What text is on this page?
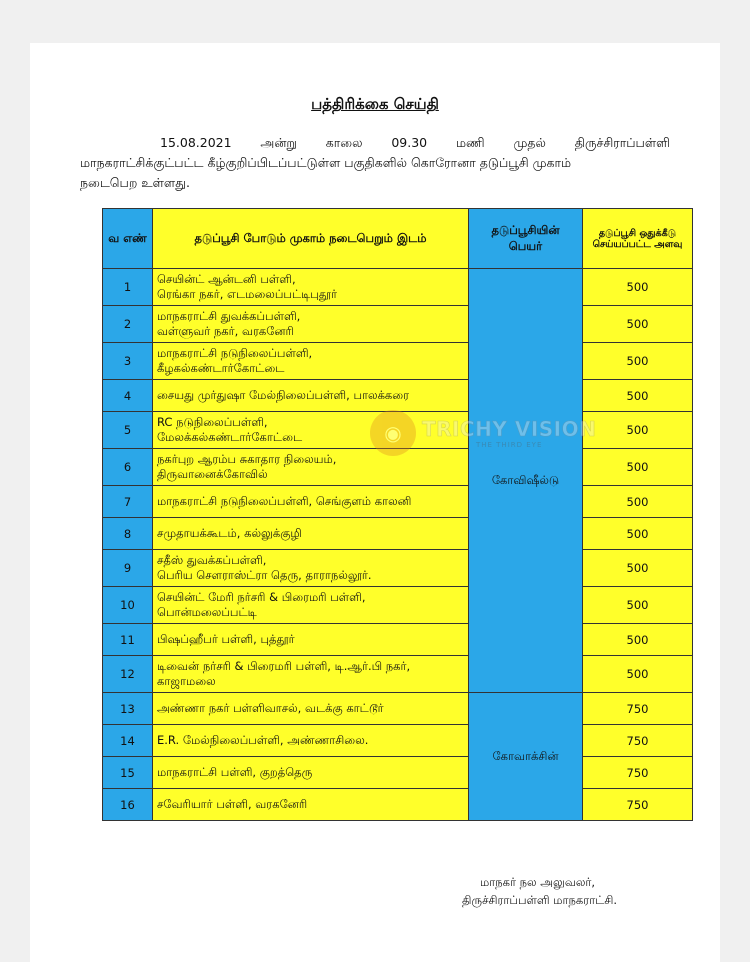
பத்திரிக்கை செய்தி
15.08.2021 அன்று காலை 09.30 மணி முதல் திருச்சிராப்பள்ளி
மாநகராட்சிக்குட்பட்ட கீழ்குறிப்பிடப்பட்டுள்ள பகுதிகளில் கொரோனா தடுப்பூசி முகாம்
நடைபெற உள்ளது.
வ எண்	தடுப்பூசி போடும் முகாம் நடைபெறும் இடம்	தடுப்பூசியின் பெயர்	தடுப்பூசி ஒதுக்கீடு செய்யப்பட்ட அளவு
1	செயின்ட் ஆன்டனி பள்ளி,
ரெங்கா நகர், எடமலைப்பட்டிபுதூர்	கோவிஷீல்டு	500
2	மாநகராட்சி துவக்கப்பள்ளி,
வள்ளுவர் நகர், வரகனேரி		500
3	மாநகராட்சி நடுநிலைப்பள்ளி,
கீழகல்கண்டார்கோட்டை		500
4	சையது முர்துஷா மேல்நிலைப்பள்ளி, பாலக்கரை		500
5	RC நடுநிலைப்பள்ளி,
மேலக்கல்கண்டார்கோட்டை		500
6	நகர்புற ஆரம்ப சுகாதார நிலையம்,
திருவானைக்கோவில்		500
7	மாநகராட்சி நடுநிலைப்பள்ளி, செங்குளம் காலனி		500
8	சமுதாயக்கூடம், கல்லுக்குழி		500
9	சதீஸ் துவக்கப்பள்ளி,
பெரிய சௌராஸ்ட்ரா தெரு, தாராநல்லூர்.		500
10	செயின்ட் மேரி நர்சரி & பிரைமரி பள்ளி,
பொன்மலைப்பட்டி		500
11	பிஷப்ஹீபர் பள்ளி, புத்தூர்		500
12	டிவைன் நர்சரி & பிரைமரி பள்ளி, டி.ஆர்.பி நகர்,
காஜாமலை		500
13	அண்ணா நகர் பள்ளிவாசல், வடக்கு காட்டூர்	கோவாக்சின்	750
14	E.R. மேல்நிலைப்பள்ளி, அண்ணாசிலை.		750
15	மாநகராட்சி பள்ளி, குறத்தெரு		750
16	சவேரியார் பள்ளி, வரகனேரி		750
◉	TRICHY VISION
THE THIRD EYE
மாநகர் நல அலுவலர்,
திருச்சிராப்பள்ளி மாநகராட்சி.
